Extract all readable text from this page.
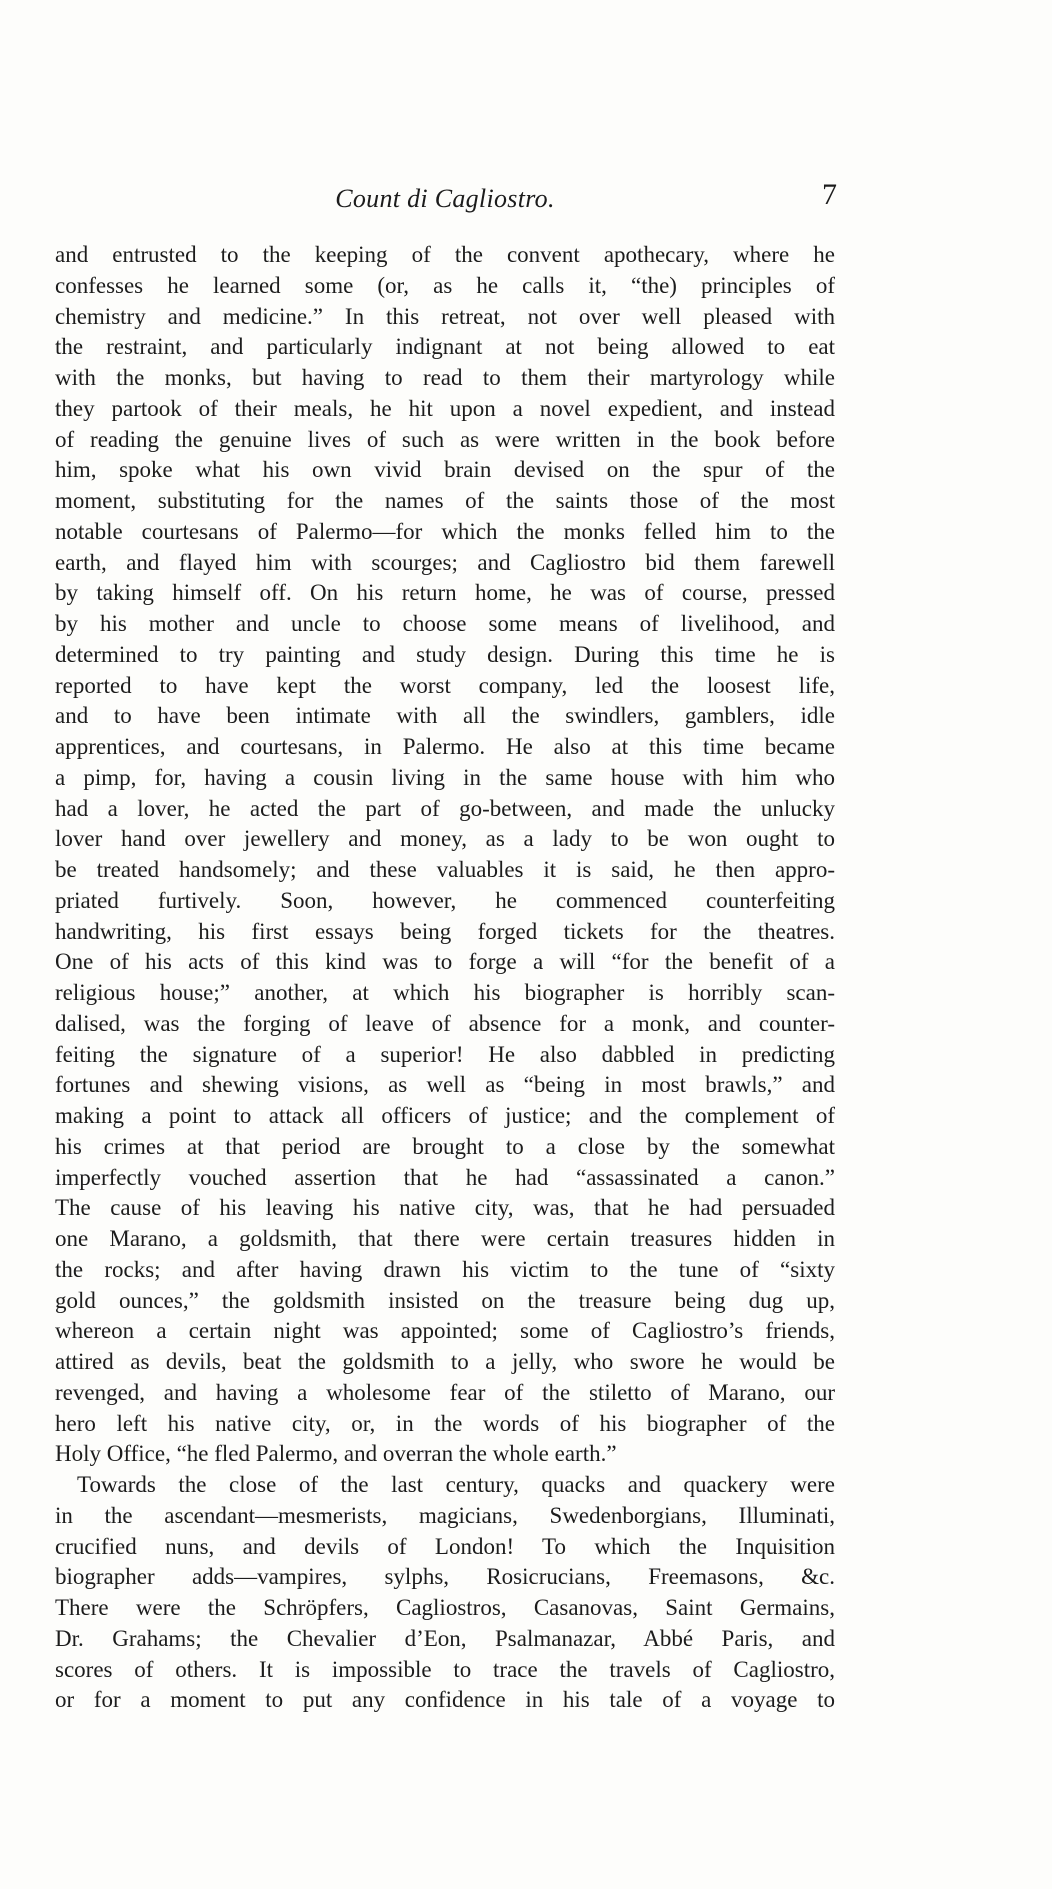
Count di Cagliostro.	7
and entrusted to the keeping of the convent apothecary, where he
confesses he learned some (or, as he calls it, “the) principles of
chemistry and medicine.” In this retreat, not over well pleased with
the restraint, and particularly indignant at not being allowed to eat
with the monks, but having to read to them their martyrology while
they partook of their meals, he hit upon a novel expedient, and instead
of reading the genuine lives of such as were written in the book before
him, spoke what his own vivid brain devised on the spur of the
moment, substituting for the names of the saints those of the most
notable courtesans of Palermo—for which the monks felled him to the
earth, and flayed him with scourges; and Cagliostro bid them farewell
by taking himself off. On his return home, he was of course, pressed
by his mother and uncle to choose some means of livelihood, and
determined to try painting and study design. During this time he is
reported to have kept the worst company, led the loosest life,
and to have been intimate with all the swindlers, gamblers, idle
apprentices, and courtesans, in Palermo. He also at this time became
a pimp, for, having a cousin living in the same house with him who
had a lover, he acted the part of go-between, and made the unlucky
lover hand over jewellery and money, as a lady to be won ought to
be treated handsomely; and these valuables it is said, he then appro-
priated furtively. Soon, however, he commenced counterfeiting
handwriting, his first essays being forged tickets for the theatres.
One of his acts of this kind was to forge a will “for the benefit of a
religious house;” another, at which his biographer is horribly scan-
dalised, was the forging of leave of absence for a monk, and counter-
feiting the signature of a superior! He also dabbled in predicting
fortunes and shewing visions, as well as “being in most brawls,” and
making a point to attack all officers of justice; and the complement of
his crimes at that period are brought to a close by the somewhat
imperfectly vouched assertion that he had “assassinated a canon.”
The cause of his leaving his native city, was, that he had persuaded
one Marano, a goldsmith, that there were certain treasures hidden in
the rocks; and after having drawn his victim to the tune of “sixty
gold ounces,” the goldsmith insisted on the treasure being dug up,
whereon a certain night was appointed; some of Cagliostro’s friends,
attired as devils, beat the goldsmith to a jelly, who swore he would be
revenged, and having a wholesome fear of the stiletto of Marano, our
hero left his native city, or, in the words of his biographer of the
Holy Office, “he fled Palermo, and overran the whole earth.”
Towards the close of the last century, quacks and quackery were
in the ascendant—mesmerists, magicians, Swedenborgians, Illuminati,
crucified nuns, and devils of London! To which the Inquisition
biographer adds—vampires, sylphs, Rosicrucians, Freemasons, &c.
There were the Schröpfers, Cagliostros, Casanovas, Saint Germains,
Dr. Grahams; the Chevalier d’Eon, Psalmanazar, Abbé Paris, and
scores of others. It is impossible to trace the travels of Cagliostro,
or for a moment to put any confidence in his tale of a voyage to
